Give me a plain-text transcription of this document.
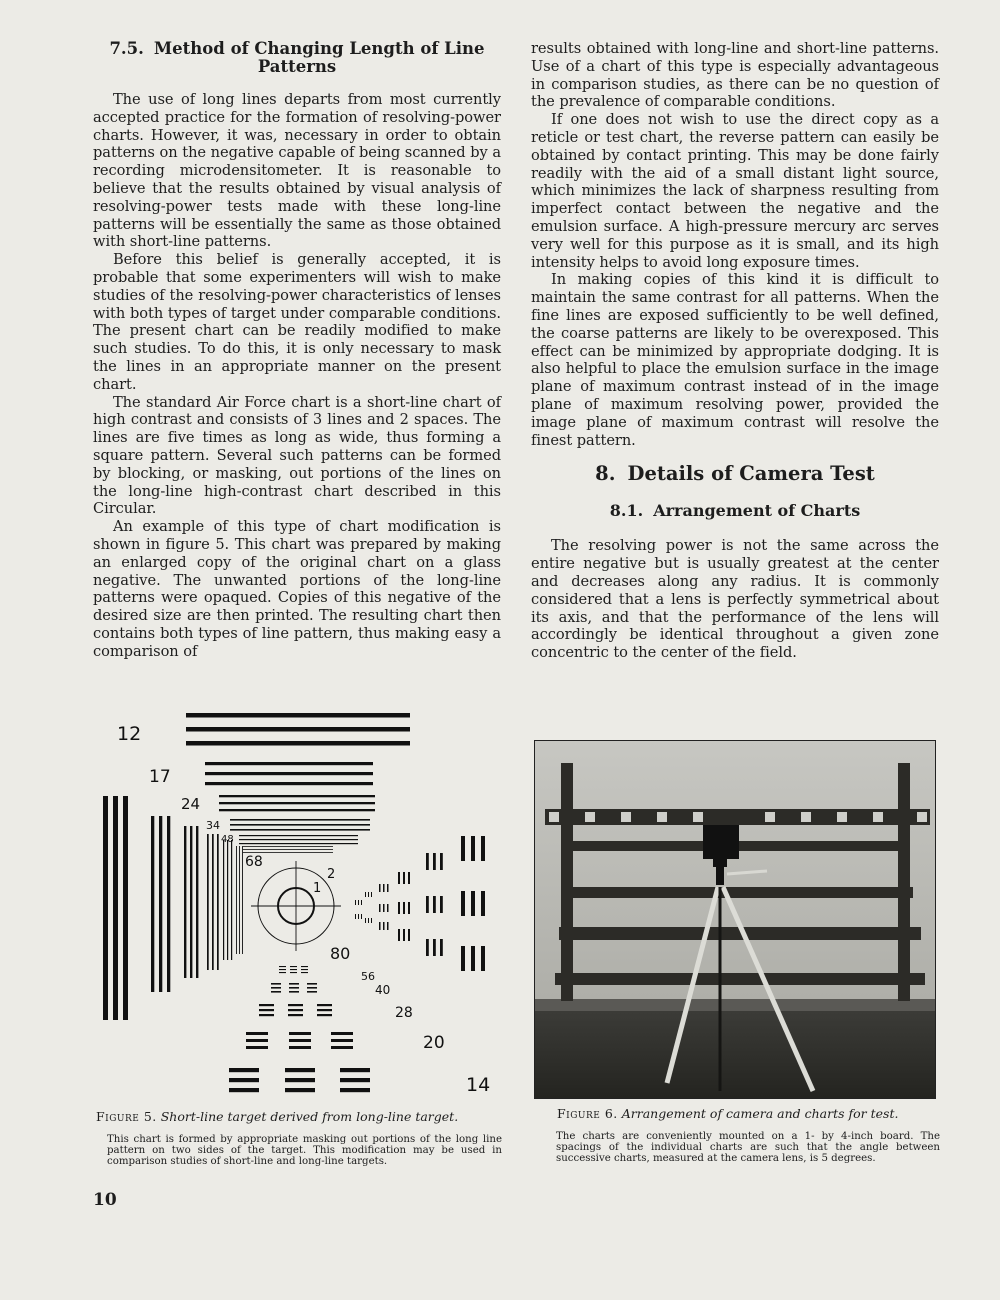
7.5. Method of Changing Length of Line Patterns

The use of long lines departs from most currently accepted practice for the formation of resolving-power charts. However, it was, necessary in order to obtain patterns on the negative capable of being scanned by a recording microdensitometer. It is reasonable to believe that the results obtained by visual analysis of resolving-power tests made with these long-line patterns will be essentially the same as those obtained with short-line patterns.

Before this belief is generally accepted, it is probable that some experimenters will wish to make studies of the resolving-power characteristics of lenses with both types of target under comparable conditions. The present chart can be readily modified to make such studies. To do this, it is only necessary to mask the lines in an appropriate manner on the present chart.

The standard Air Force chart is a short-line chart of high contrast and consists of 3 lines and 2 spaces. The lines are five times as long as wide, thus forming a square pattern. Several such patterns can be formed by blocking, or masking, out portions of the lines on the long-line high-contrast chart described in this Circular.

An example of this type of chart modification is shown in figure 5. This chart was prepared by making an enlarged copy of the original chart on a glass negative. The unwanted portions of the long-line patterns were opaqued. Copies of this negative of the desired size are then printed. The resulting chart then contains both types of line pattern, thus making easy a comparison of

results obtained with long-line and short-line patterns. Use of a chart of this type is especially advantageous in comparison studies, as there can be no question of the prevalence of comparable conditions.

If one does not wish to use the direct copy as a reticle or test chart, the reverse pattern can easily be obtained by contact printing. This may be done fairly readily with the aid of a small distant light source, which minimizes the lack of sharpness resulting from imperfect contact between the negative and the emulsion surface. A high-pressure mercury arc serves very well for this purpose as it is small, and its high intensity helps to avoid long exposure times.

In making copies of this kind it is difficult to maintain the same contrast for all patterns. When the fine lines are exposed sufficiently to be well defined, the coarse patterns are likely to be overexposed. This effect can be minimized by appropriate dodging. It is also helpful to place the emulsion surface in the image plane of maximum contrast instead of in the image plane of maximum resolving power, provided the image plane of maximum contrast will resolve the finest pattern.

8. Details of Camera Test
8.1. Arrangement of Charts

The resolving power is not the same across the entire negative but is usually greatest at the center and decreases along any radius. It is commonly considered that a lens is perfectly symmetrical about its axis, and that the performance of the lens will accordingly be identical throughout a given zone concentric to the center of the field.

12
17
24
34
48
68
2
1
80
56
40
28
20
14
Figure 5. Short-line target derived from long-line target.
This chart is formed by appropriate masking out portions of the long line pattern on two sides of the target. This modification may be used in comparison studies of short-line and long-line targets.
Figure 6. Arrangement of camera and charts for test.
The charts are conveniently mounted on a 1- by 4-inch board. The spacings of the individual charts are such that the angle between successive charts, measured at the camera lens, is 5 degrees.
10
